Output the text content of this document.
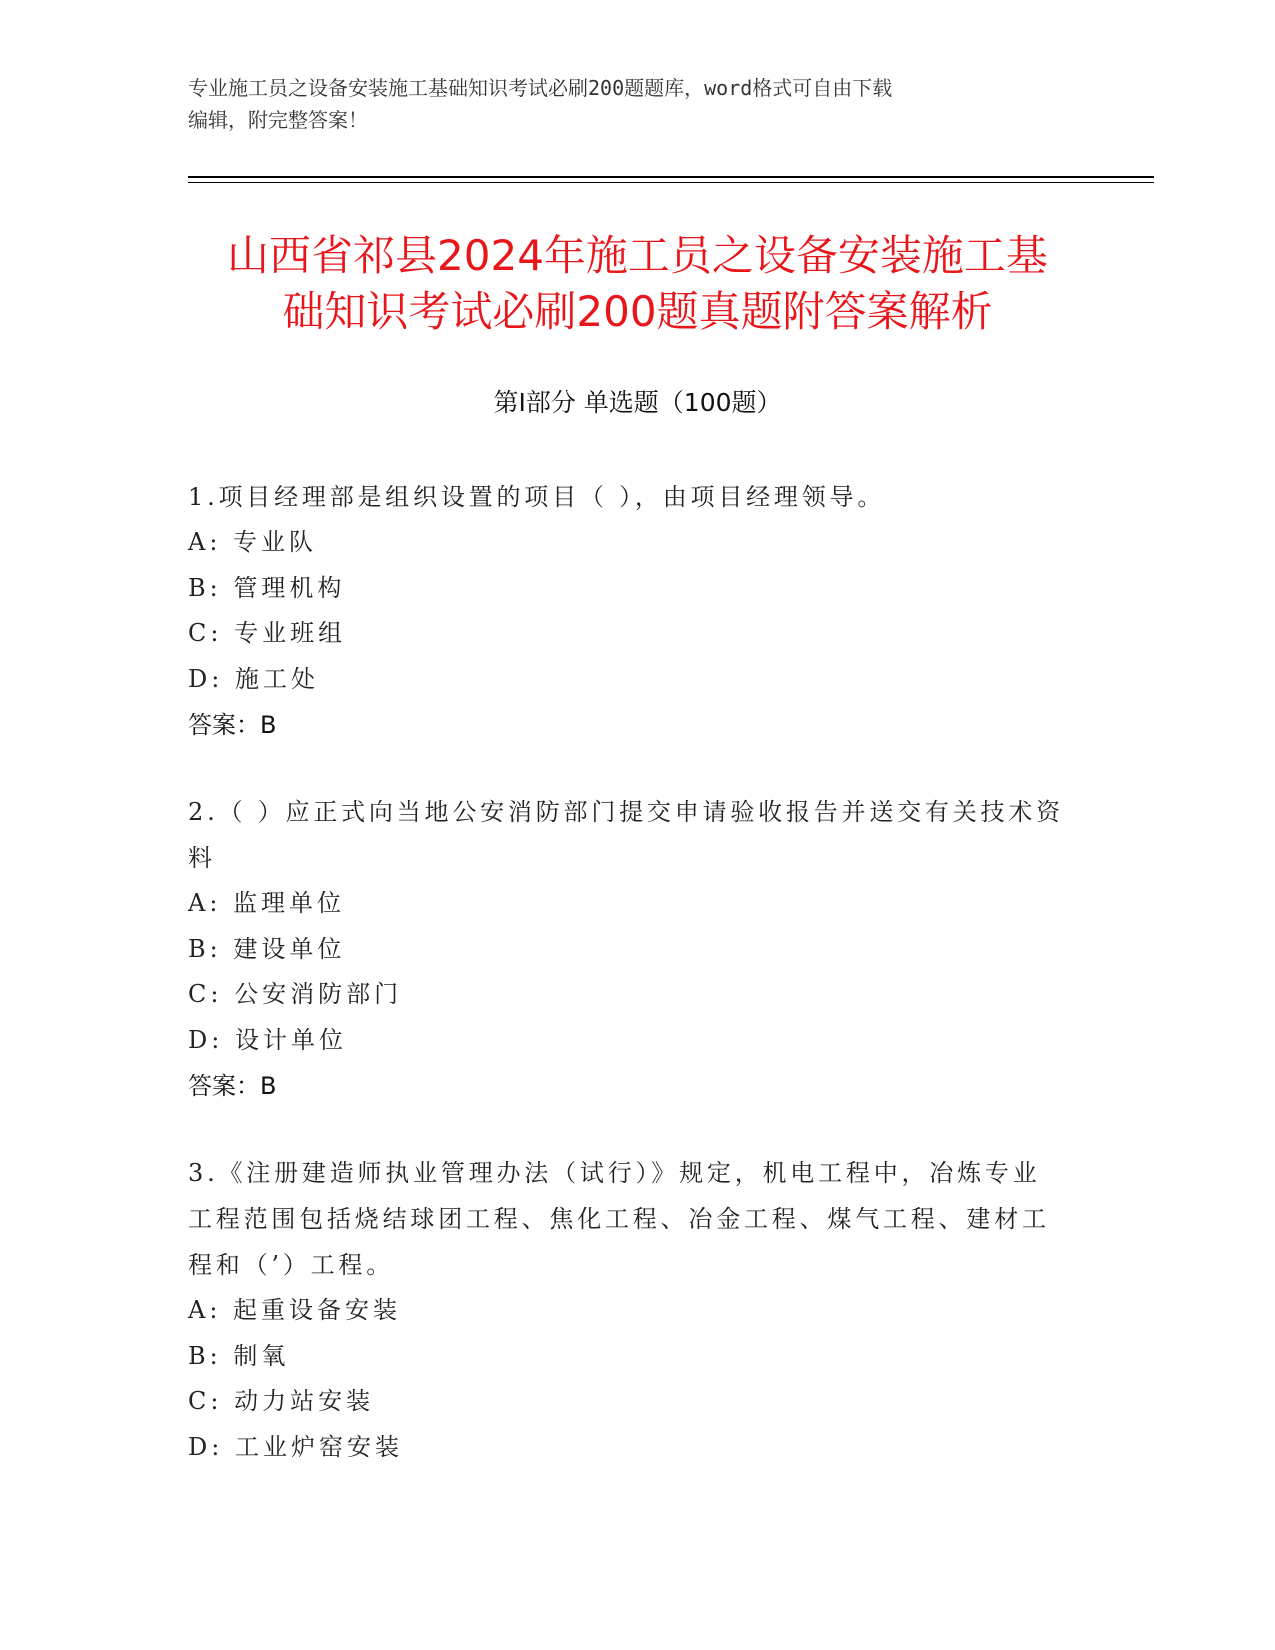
专业施工员之设备安装施工基础知识考试必刷200题题库，word格式可自由下载
编辑，附完整答案！
山西省祁县2024年施工员之设备安装施工基
础知识考试必刷200题真题附答案解析
第Ⅰ部分 单选题（100题）
1.项目经理部是组织设置的项目（ ），由项目经理领导。
A: 专业队
B: 管理机构
C: 专业班组
D: 施工处
答案：B
2.（ ）应正式向当地公安消防部门提交申请验收报告并送交有关技术资料
A: 监理单位
B: 建设单位
C: 公安消防部门
D: 设计单位
答案：B
3.《注册建造师执业管理办法（试行）》规定，机电工程中，冶炼专业工程范围包括烧结球团工程、焦化工程、冶金工程、煤气工程、建材工程和（’）工程。
A: 起重设备安装
B: 制氧
C: 动力站安装
D: 工业炉窑安装
